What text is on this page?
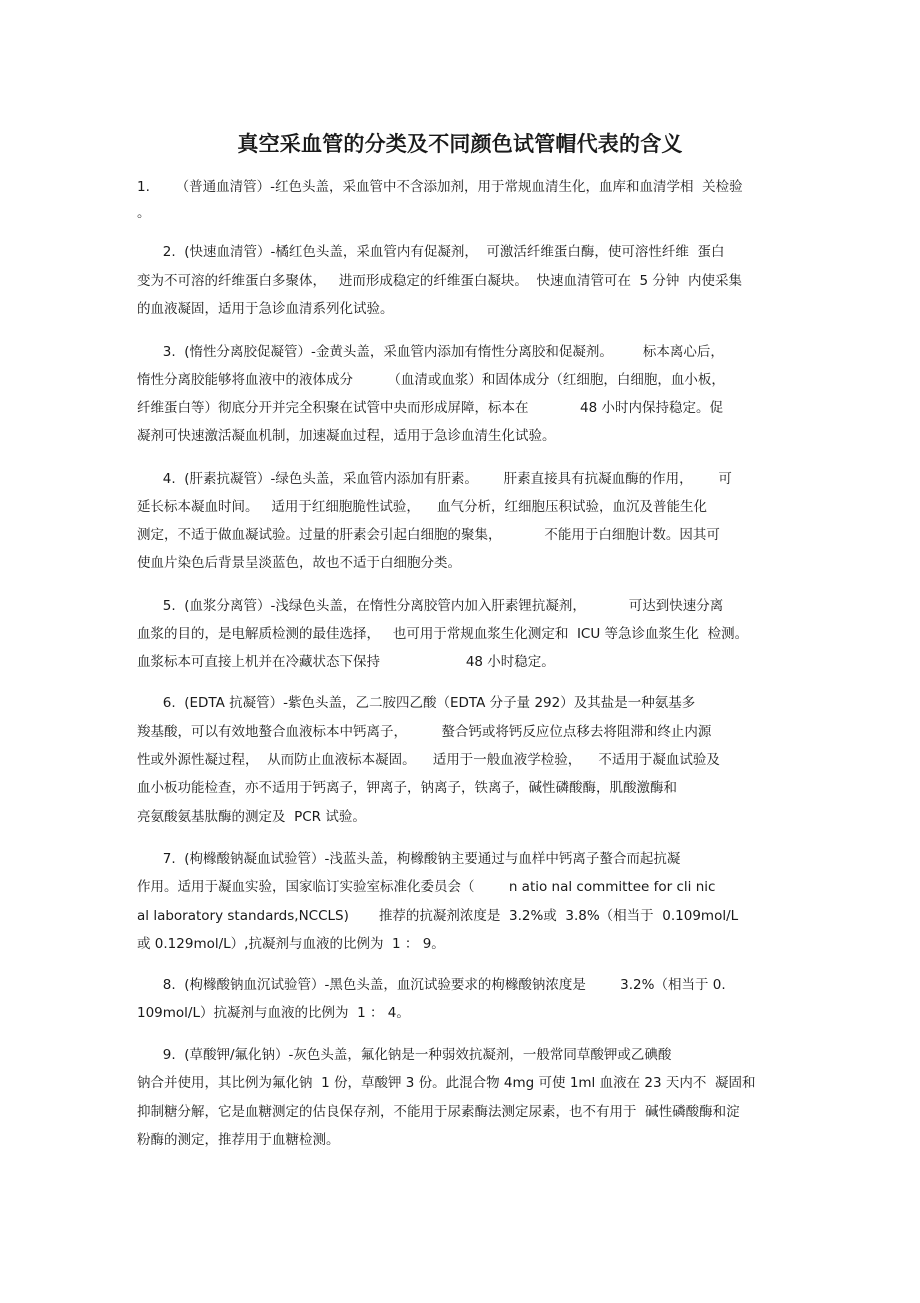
真空采血管的分类及不同颜色试管帽代表的含义
1.      （普通血清管）-红色头盖，采血管中不含添加剂，用于常规血清生化，血库和血清学相  关检验
。
2.  (快速血清管）-橘红色头盖，采血管内有促凝剂，  可激活纤维蛋白酶，使可溶性纤维  蛋白
变为不可溶的纤维蛋白多聚体，   进而形成稳定的纤维蛋白凝块。  快速血清管可在  5 分钟  内使采集
的血液凝固，适用于急诊血清系列化试验。
3.  (惰性分离胶促凝管）-金黄头盖，采血管内添加有惰性分离胶和促凝剂。       标本离心后，
惰性分离胶能够将血液中的液体成分        （血清或血浆）和固体成分（红细胞，白细胞，血小板，
纤维蛋白等）彻底分开并完全积聚在试管中央而形成屏障，标本在            48 小时内保持稳定。促
凝剂可快速激活凝血机制，加速凝血过程，适用于急诊血清生化试验。
4.  (肝素抗凝管）-绿色头盖，采血管内添加有肝素。      肝素直接具有抗凝血酶的作用，      可
延长标本凝血时间。   适用于红细胞脆性试验，    血气分析，红细胞压积试验，血沉及普能生化
测定，不适于做血凝试验。过量的肝素会引起白细胞的聚集，          不能用于白细胞计数。因其可
使血片染色后背景呈淡蓝色，故也不适于白细胞分类。
5.  (血浆分离管）-浅绿色头盖，在惰性分离胶管内加入肝素锂抗凝剂，          可达到快速分离
血浆的目的，是电解质检测的最佳选择，   也可用于常规血浆生化测定和  ICU 等急诊血浆生化  检测。
血浆标本可直接上机并在冷藏状态下保持                    48 小时稳定。
6.  (EDTA 抗凝管）-紫色头盖，乙二胺四乙酸（EDTA 分子量 292）及其盐是一种氨基多
羧基酸，可以有效地螯合血液标本中钙离子，        螯合钙或将钙反应位点移去将阻滞和终止内源
性或外源性凝过程，  从而防止血液标本凝固。    适用于一般血液学检验，    不适用于凝血试验及
血小板功能检查，亦不适用于钙离子，钾离子，钠离子，铁离子，碱性磷酸酶，肌酸激酶和
亮氨酸氨基肽酶的测定及  PCR 试验。
7.  (枸橼酸钠凝血试验管）-浅蓝头盖，枸橼酸钠主要通过与血样中钙离子螯合而起抗凝
作用。适用于凝血实验，国家临订实验室标准化委员会（        n atio nal committee for cli nic
al laboratory standards,NCCLS)       推荐的抗凝剂浓度是  3.2%或  3.8%（相当于  0.109mol/L
或 0.129mol/L）,抗凝剂与血液的比例为  1 ： 9。
8.  (枸橼酸钠血沉试验管）-黑色头盖，血沉试验要求的枸橼酸钠浓度是        3.2%（相当于 0.
109mol/L）抗凝剂与血液的比例为  1 ： 4。
9.  (草酸钾/氟化钠）-灰色头盖，氟化钠是一种弱效抗凝剂，一般常同草酸钾或乙碘酸
钠合并使用，其比例为氟化钠  1 份，草酸钾 3 份。此混合物 4mg 可使 1ml 血液在 23 天内不  凝固和
抑制糖分解，它是血糖测定的估良保存剂，不能用于尿素酶法测定尿素，也不有用于  碱性磷酸酶和淀
粉酶的测定，推荐用于血糖检测。
